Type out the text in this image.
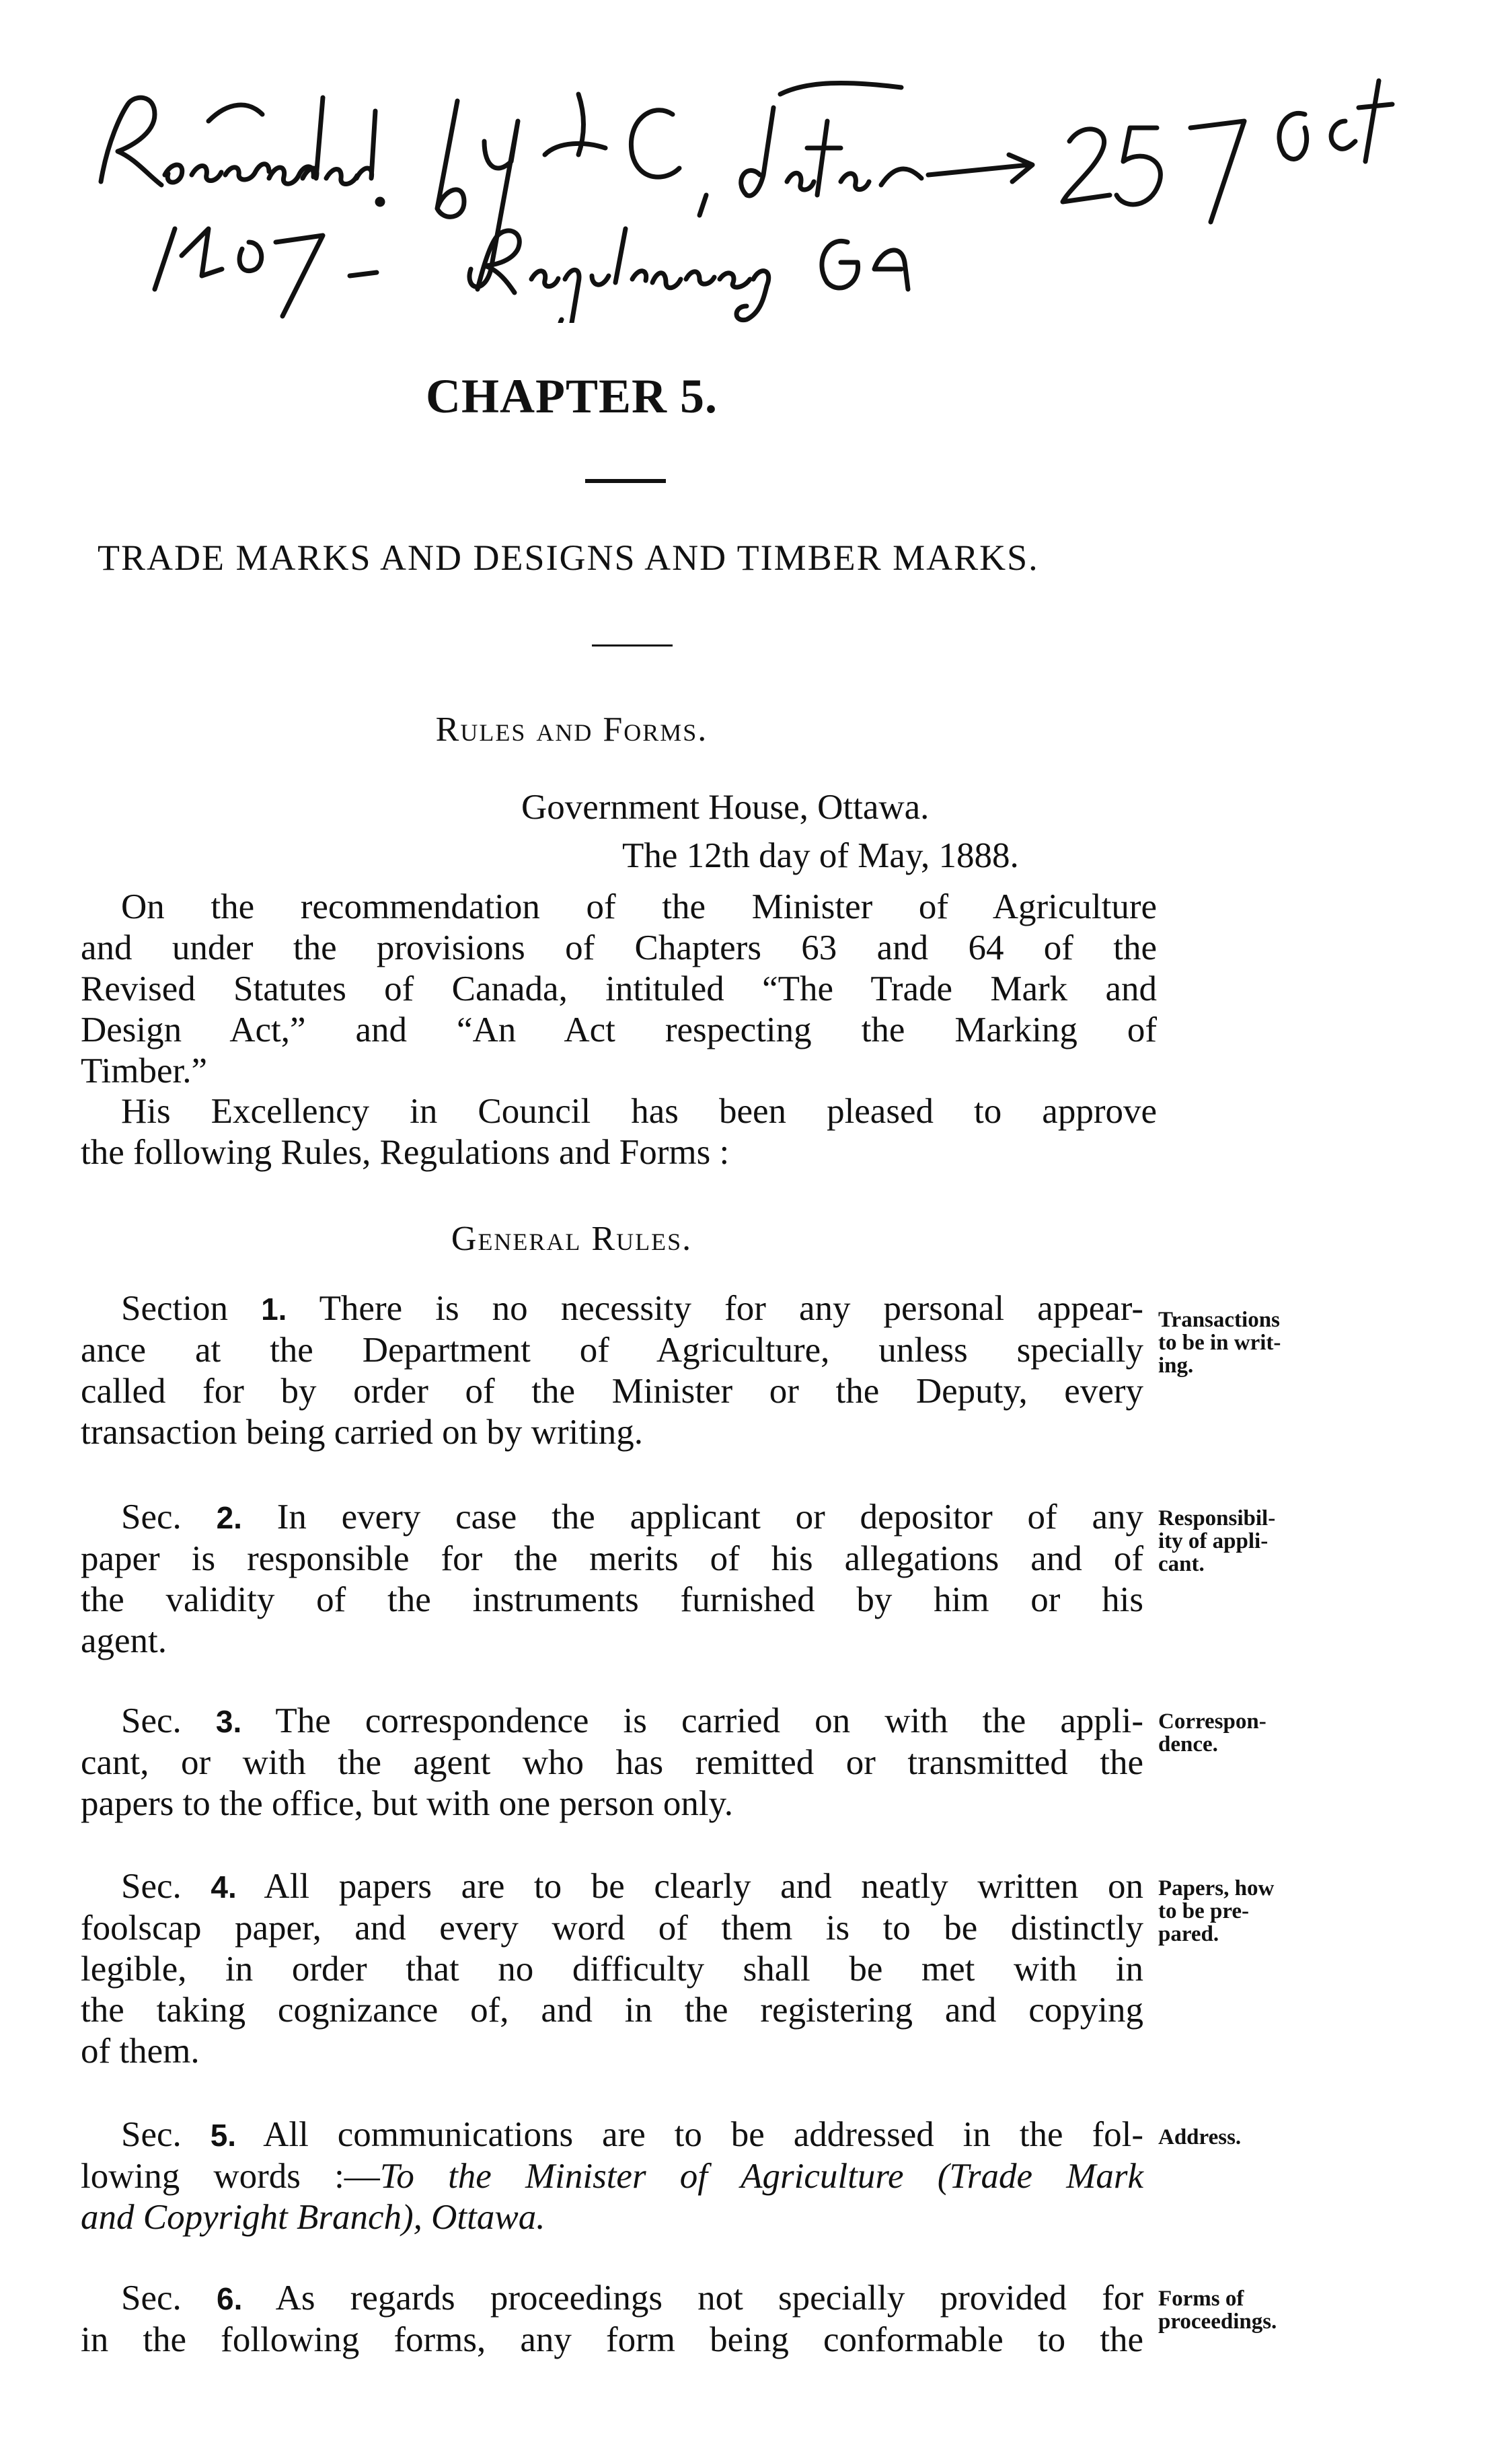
CHAPTER 5.
TRADE MARKS AND DESIGNS AND TIMBER MARKS.
Rules and Forms.
Government House, Ottawa.
The 12th day of May, 1888.
On the recommendation of the Minister of Agriculture
and under the provisions of Chapters 63 and 64 of the
Revised Statutes of Canada, intituled “The Trade Mark and
Design Act,” and “An Act respecting the Marking of
Timber.”
His Excellency in Council has been pleased to approve
the following Rules, Regulations and Forms :
General Rules.
Section 1. There is no necessity for any personal appear-
ance at the Department of Agriculture, unless specially
called for by order of the Minister or the Deputy, every
transaction being carried on by writing.
Transactions
to be in writ-
ing.
Sec. 2. In every case the applicant or depositor of any
paper is responsible for the merits of his allegations and of
the validity of the instruments furnished by him or his
agent.
Responsibil-
ity of appli-
cant.
Sec. 3. The correspondence is carried on with the appli-
cant, or with the agent who has remitted or transmitted the
papers to the office, but with one person only.
Correspon-
dence.
Sec. 4. All papers are to be clearly and neatly written on
foolscap paper, and every word of them is to be distinctly
legible, in order that no difficulty shall be met with in
the taking cognizance of, and in the registering and copying
of them.
Papers, how
to be pre-
pared.
Sec. 5. All communications are to be addressed in the fol-
lowing words :—To the Minister of Agriculture (Trade Mark
and Copyright Branch), Ottawa.
Address.
Sec. 6. As regards proceedings not specially provided for
in the following forms, any form being conformable to the
Forms of
proceedings.
